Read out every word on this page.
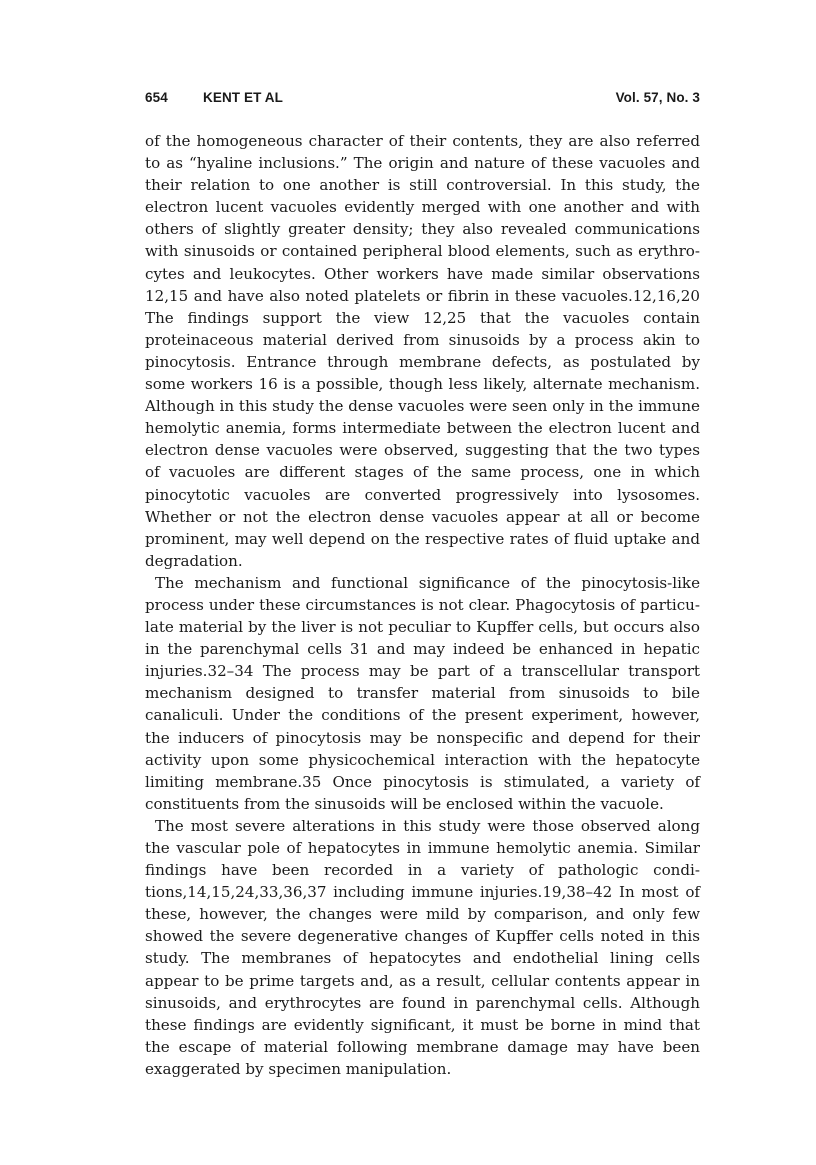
654	KENT ET AL	Vol. 57, No. 3

of the homogeneous character of their contents, they are also referred to as “hyaline inclusions.” The origin and nature of these vacuoles and their relation to one another is still controversial. In this study, the electron lucent vacuoles evidently merged with one another and with others of slightly greater density; they also revealed communications with sinusoids or contained peripheral blood elements, such as erythrocytes and leukocytes. Other workers have made similar observations 12,15 and have also noted platelets or fibrin in these vacuoles.12,16,20 The findings support the view 12,25 that the vacuoles contain proteinaceous material derived from sinusoids by a process akin to pinocytosis. Entrance through membrane defects, as postulated by some workers 16 is a possible, though less likely, alternate mechanism. Although in this study the dense vacuoles were seen only in the immune hemolytic anemia, forms intermediate between the electron lucent and electron dense vacuoles were observed, suggesting that the two types of vacuoles are different stages of the same process, one in which pinocytotic vacuoles are converted progressively into lysosomes. Whether or not the electron dense vacuoles appear at all or become prominent, may well depend on the respective rates of fluid uptake and degradation.

The mechanism and functional significance of the pinocytosis-like process under these circumstances is not clear. Phagocytosis of particulate material by the liver is not peculiar to Kupffer cells, but occurs also in the parenchymal cells 31 and may indeed be enhanced in hepatic injuries.32–34 The process may be part of a transcellular transport mechanism designed to transfer material from sinusoids to bile canaliculi. Under the conditions of the present experiment, however, the inducers of pinocytosis may be nonspecific and depend for their activity upon some physicochemical interaction with the hepatocyte limiting membrane.35 Once pinocytosis is stimulated, a variety of constituents from the sinusoids will be enclosed within the vacuole.

The most severe alterations in this study were those observed along the vascular pole of hepatocytes in immune hemolytic anemia. Similar findings have been recorded in a variety of pathologic conditions,14,15,24,33,36,37 including immune injuries.19,38–42 In most of these, however, the changes were mild by comparison, and only few showed the severe degenerative changes of Kupffer cells noted in this study. The membranes of hepatocytes and endothelial lining cells appear to be prime targets and, as a result, cellular contents appear in sinusoids, and erythrocytes are found in parenchymal cells. Although these findings are evidently significant, it must be borne in mind that the escape of material following membrane damage may have been exaggerated by specimen manipulation.
